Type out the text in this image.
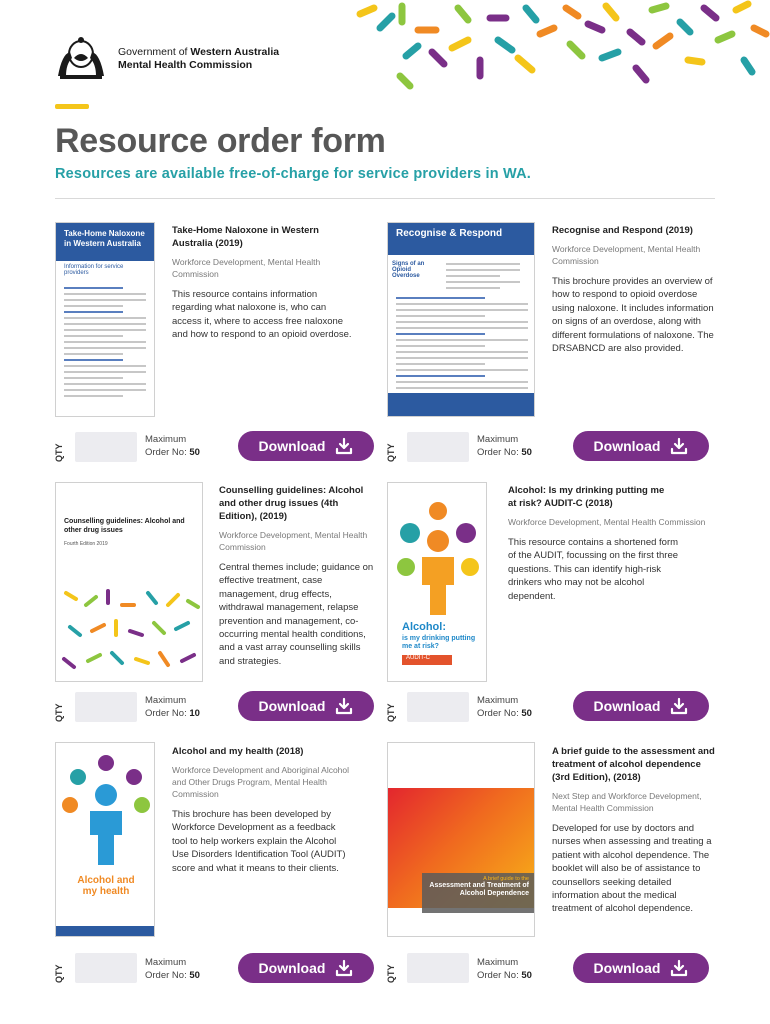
Government of Western Australia
Mental Health Commission
Resource order form
Resources are available free-of-charge for service providers in WA.
Take-Home Naloxone in Western Australia
Information for service providers
Take-Home Naloxone in Western Australia (2019)
Workforce Development, Mental Health Commission
This resource contains information regarding what naloxone is, who can access it, where to access free naloxone and how to respond to an opioid overdose.
QTY
Maximum
Order No: 50	Download
Recognise & Respond
Signs of an Opioid Overdose
Recognise and Respond (2019)
Workforce Development, Mental Health Commission
This brochure provides an overview of how to respond to opioid overdose using naloxone. It includes information on signs of an overdose, along with different formulations of naloxone. The DRSABNCD are also provided.
QTY
Maximum
Order No: 50	Download
Counselling guidelines: Alcohol and other drug issues
Fourth Edition 2019
Counselling guidelines: Alcohol and other drug issues (4th Edition), (2019)
Workforce Development, Mental Health Commission
Central themes include; guidance on effective treatment, case management, drug effects, withdrawal management, relapse prevention and management, co-occurring mental health conditions, and a vast array counselling skills and strategies.
QTY
Maximum
Order No: 10	Download
Alcohol:
is my drinking putting me at risk?
AUDIT-C
Alcohol: Is my drinking putting me at risk? AUDIT-C (2018)
Workforce Development, Mental Health Commission
This resource contains a shortened form of the AUDIT, focussing on the first three questions. This can identify high-risk drinkers who may not be alcohol dependent.
QTY
Maximum
Order No: 50	Download
Alcohol and my health
Alcohol and my health (2018)
Workforce Development and Aboriginal Alcohol and Other Drugs Program, Mental Health Commission
This brochure has been developed by Workforce Development as a feedback tool to help workers explain the Alcohol Use Disorders Identification Tool (AUDIT) score and what it means to their clients.
QTY
Maximum
Order No: 50	Download
A brief guide to the
Assessment and Treatment of Alcohol Dependence
A brief guide to the assessment and treatment of alcohol dependence (3rd Edition), (2018)
Next Step and Workforce Development, Mental Health Commission
Developed for use by doctors and nurses when assessing and treating a patient with alcohol dependence. The booklet will also be of assistance to counsellors seeking detailed information about the medical treatment of alcohol dependence.
QTY
Maximum
Order No: 50	Download
